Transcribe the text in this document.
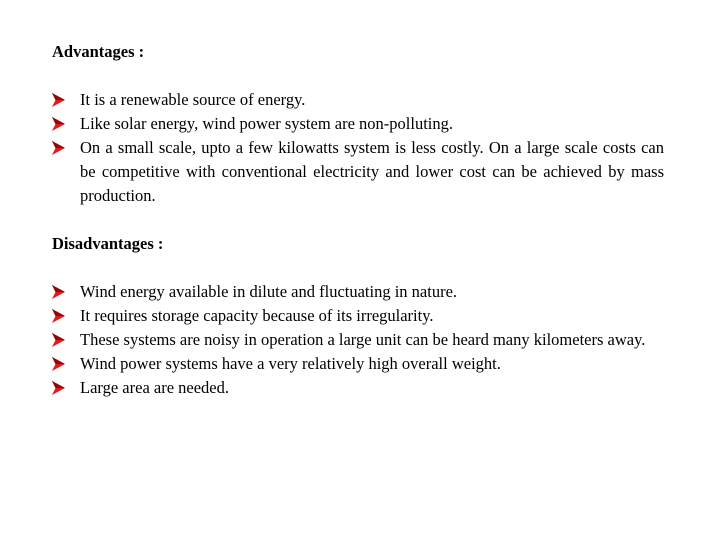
Advantages :

It is a renewable source of energy.
Like solar energy, wind power system are non-polluting.
On a small scale, upto a few kilowatts system is less costly. On a large scale costs can be competitive with conventional electricity and lower cost can be achieved by mass production.

Disadvantages :

Wind energy available in dilute and fluctuating in nature.
It requires storage capacity because of its irregularity.
These systems are noisy in operation a large unit can be heard many kilometers away.
Wind power systems have a very relatively high overall weight.
Large area are needed.
